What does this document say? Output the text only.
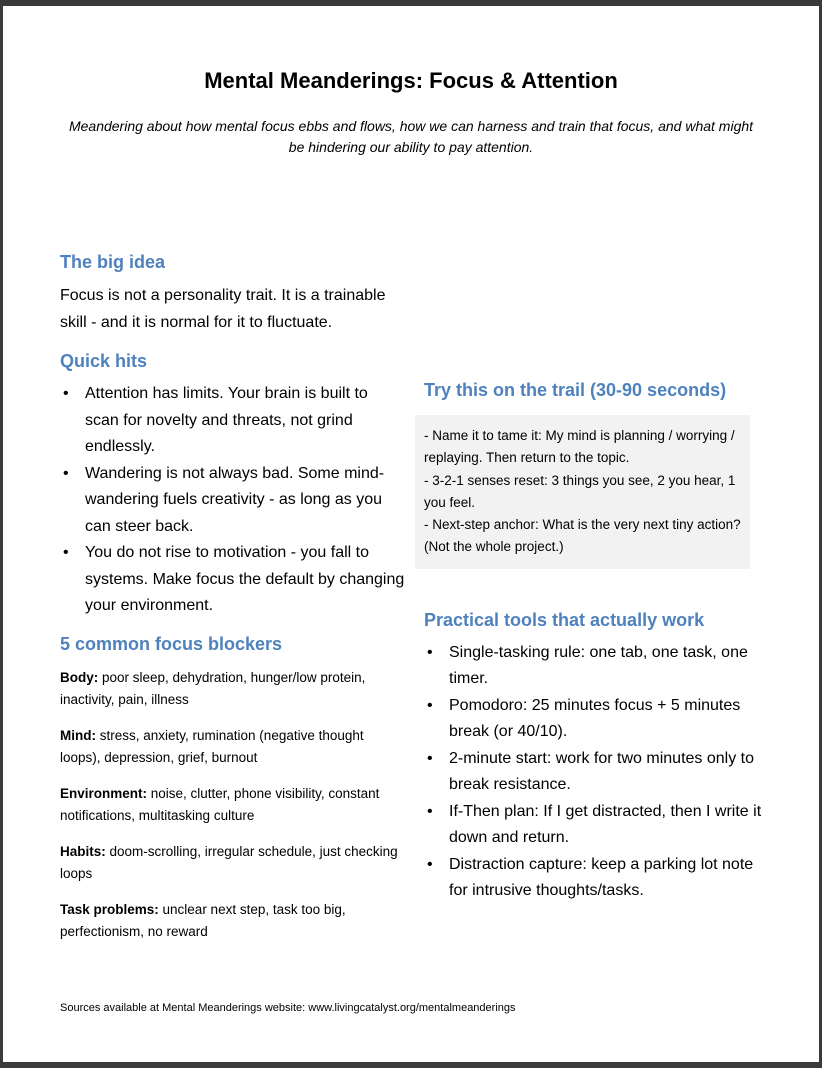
Mental Meanderings: Focus & Attention

Meandering about how mental focus ebbs and flows, how we can harness and train that focus, and what might be hindering our ability to pay attention.

The big idea

Focus is not a personality trait. It is a trainable skill - and it is normal for it to fluctuate.

Quick hits
• Attention has limits. Your brain is built to scan for novelty and threats, not grind endlessly.
• Wandering is not always bad. Some mind-wandering fuels creativity - as long as you can steer back.
• You do not rise to motivation - you fall to systems. Make focus the default by changing your environment.
5 common focus blockers

Body: poor sleep, dehydration, hunger/low protein, inactivity, pain, illness

Mind: stress, anxiety, rumination (negative thought loops), depression, grief, burnout

Environment: noise, clutter, phone visibility, constant notifications, multitasking culture

Habits: doom-scrolling, irregular schedule, just checking loops

Task problems: unclear next step, task too big, perfectionism, no reward

Try this on the trail (30-90 seconds)

- Name it to tame it: My mind is planning / worrying / replaying. Then return to the topic.

- 3-2-1 senses reset: 3 things you see, 2 you hear, 1 you feel.

- Next-step anchor: What is the very next tiny action? (Not the whole project.)

Practical tools that actually work
• Single-tasking rule: one tab, one task, one timer.
• Pomodoro: 25 minutes focus + 5 minutes break (or 40/10).
• 2-minute start: work for two minutes only to break resistance.
• If-Then plan: If I get distracted, then I write it down and return.
• Distraction capture: keep a parking lot note for intrusive thoughts/tasks.

Sources available at Mental Meanderings website: www.livingcatalyst.org/mentalmeanderings
